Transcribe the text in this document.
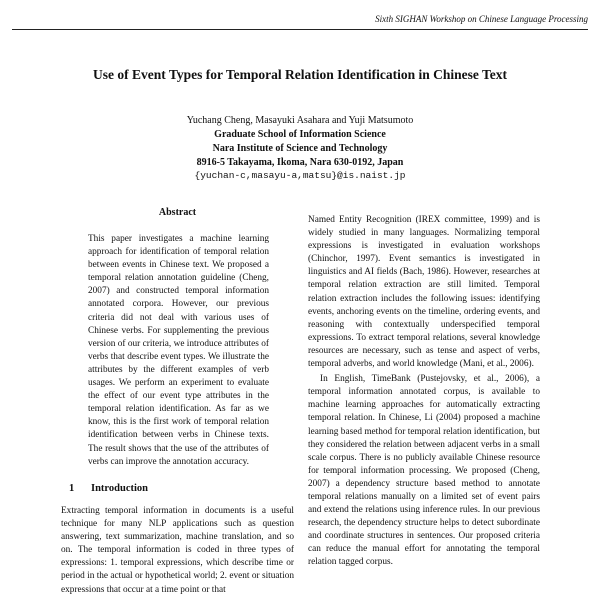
Sixth SIGHAN Workshop on Chinese Language Processing
Use of Event Types for Temporal Relation Identification in Chinese Text
Yuchang Cheng, Masayuki Asahara and Yuji Matsumoto
Graduate School of Information Science
Nara Institute of Science and Technology
8916-5 Takayama, Ikoma, Nara 630-0192, Japan
{yuchan-c,masayu-a,matsu}@is.naist.jp
Abstract
This paper investigates a machine learning approach for identification of temporal relation between events in Chinese text. We proposed a temporal relation annotation guideline (Cheng, 2007) and constructed temporal information annotated corpora. However, our previous criteria did not deal with various uses of Chinese verbs. For supplementing the previous version of our criteria, we introduce attributes of verbs that describe event types. We illustrate the attributes by the different examples of verb usages. We perform an experiment to evaluate the effect of our event type attributes in the temporal relation identification. As far as we know, this is the first work of temporal relation identification between verbs in Chinese texts. The result shows that the use of the attributes of verbs can improve the annotation accuracy.
1 Introduction
Extracting temporal information in documents is a useful technique for many NLP applications such as question answering, text summarization, machine translation, and so on. The temporal information is coded in three types of expressions: 1. temporal expressions, which describe time or period in the actual or hypothetical world; 2. event or situation expressions that occur at a time point or that

Named Entity Recognition (IREX committee, 1999) and is widely studied in many languages. Normalizing temporal expressions is investigated in evaluation workshops (Chinchor, 1997). Event semantics is investigated in linguistics and AI fields (Bach, 1986). However, researches at temporal relation extraction are still limited. Temporal relation extraction includes the following issues: identifying events, anchoring events on the timeline, ordering events, and reasoning with contextually underspecified temporal expressions. To extract temporal relations, several knowledge resources are necessary, such as tense and aspect of verbs, temporal adverbs, and world knowledge (Mani, et al., 2006).

In English, TimeBank (Pustejovsky, et al., 2006), a temporal information annotated corpus, is available to machine learning approaches for automatically extracting temporal relation. In Chinese, Li (2004) proposed a machine learning based method for temporal relation identification, but they considered the relation between adjacent verbs in a small scale corpus. There is no publicly available Chinese resource for temporal information processing. We proposed (Cheng, 2007) a dependency structure based method to annotate temporal relations manually on a limited set of event pairs and extend the relations using inference rules. In our previous research, the dependency structure helps to detect subordinate and coordinate structures in sentences. Our proposed criteria can reduce the manual effort for annotating the temporal relation tagged corpus.
